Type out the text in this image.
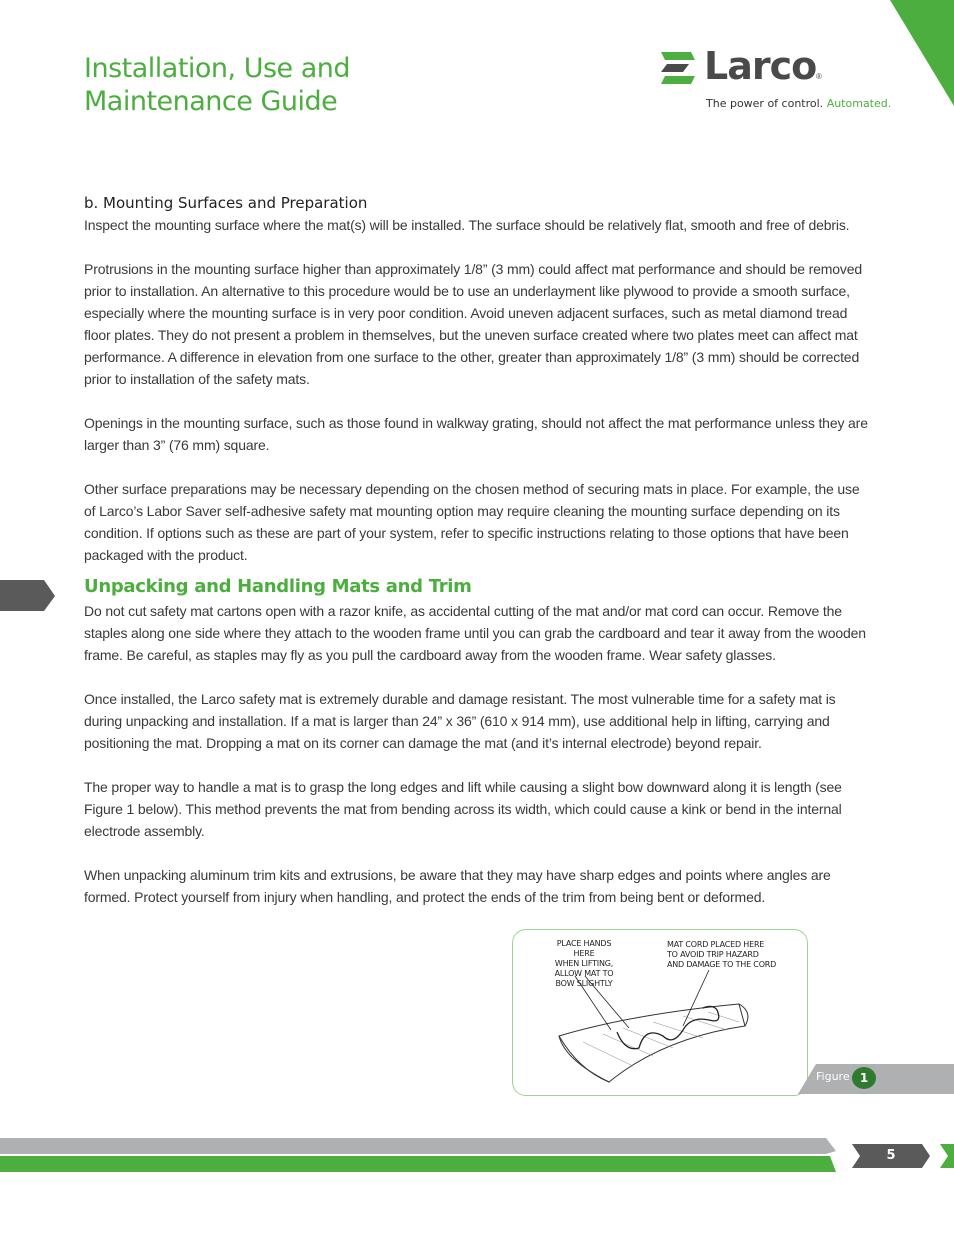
Installation, Use and
Maintenance Guide
Larco ®
The power of control. Automated.
b. Mounting Surfaces and Preparation

Inspect the mounting surface where the mat(s) will be installed. The surface should be relatively flat, smooth and free of debris.

Protrusions in the mounting surface higher than approximately 1/8” (3 mm) could affect mat performance and should be removed prior to installation. An alternative to this procedure would be to use an underlayment like plywood to provide a smooth surface, especially where the mounting surface is in very poor condition. Avoid uneven adjacent surfaces, such as metal diamond tread floor plates. They do not present a problem in themselves, but the uneven surface created where two plates meet can affect mat performance. A difference in elevation from one surface to the other, greater than approximately 1/8” (3 mm) should be corrected prior to installation of the safety mats.

Openings in the mounting surface, such as those found in walkway grating, should not affect the mat performance unless they are larger than 3” (76 mm) square.

Other surface preparations may be necessary depending on the chosen method of securing mats in place. For example, the use of Larco’s Labor Saver self-adhesive safety mat mounting option may require cleaning the mounting surface depending on its condition. If options such as these are part of your system, refer to specific instructions relating to those options that have been packaged with the product.

Unpacking and Handling Mats and Trim

Do not cut safety mat cartons open with a razor knife, as accidental cutting of the mat and/or mat cord can occur. Remove the staples along one side where they attach to the wooden frame until you can grab the cardboard and tear it away from the wooden frame. Be careful, as staples may fly as you pull the cardboard away from the wooden frame. Wear safety glasses.

Once installed, the Larco safety mat is extremely durable and damage resistant. The most vulnerable time for a safety mat is during unpacking and installation. If a mat is larger than 24” x 36” (610 x 914 mm), use additional help in lifting, carrying and positioning the mat. Dropping a mat on its corner can damage the mat (and it’s internal electrode) beyond repair.

The proper way to handle a mat is to grasp the long edges and lift while causing a slight bow downward along it is length (see Figure 1 below). This method prevents the mat from bending across its width, which could cause a kink or bend in the internal electrode assembly.

When unpacking aluminum trim kits and extrusions, be aware that they may have sharp edges and points where angles are formed. Protect yourself from injury when handling, and protect the ends of the trim from being bent or deformed.

PLACE HANDS HERE
WHEN LIFTING,
ALLOW MAT TO
BOW SLIGHTLY
MAT CORD PLACED HERE
TO AVOID TRIP HAZARD
AND DAMAGE TO THE CORD
Figure 1
5
